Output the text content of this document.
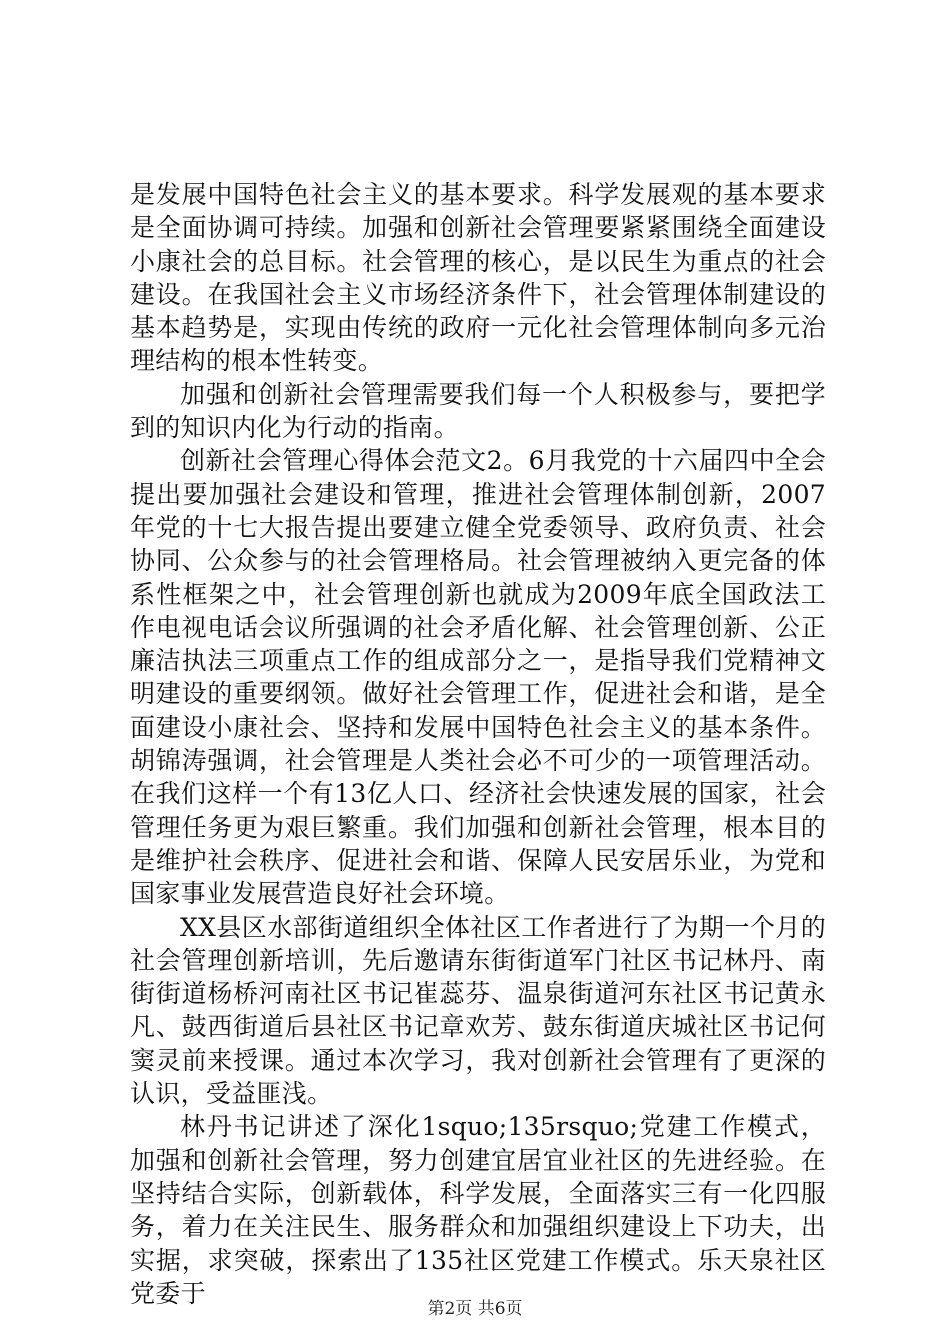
是发展中国特色社会主义的基本要求。科学发展观的基本要求是全面协调可持续。加强和创新社会管理要紧紧围绕全面建设小康社会的总目标。社会管理的核心，是以民生为重点的社会建设。在我国社会主义市场经济条件下，社会管理体制建设的基本趋势是，实现由传统的政府一元化社会管理体制向多元治理结构的根本性转变。

加强和创新社会管理需要我们每一个人积极参与，要把学到的知识内化为行动的指南。

创新社会管理心得体会范文2。6月我党的十六届四中全会提出要加强社会建设和管理，推进社会管理体制创新，2007年党的十七大报告提出要建立健全党委领导、政府负责、社会协同、公众参与的社会管理格局。社会管理被纳入更完备的体系性框架之中，社会管理创新也就成为2009年底全国政法工作电视电话会议所强调的社会矛盾化解、社会管理创新、公正廉洁执法三项重点工作的组成部分之一，是指导我们党精神文明建设的重要纲领。做好社会管理工作，促进社会和谐，是全面建设小康社会、坚持和发展中国特色社会主义的基本条件。胡锦涛强调，社会管理是人类社会必不可少的一项管理活动。在我们这样一个有13亿人口、经济社会快速发展的国家，社会管理任务更为艰巨繁重。我们加强和创新社会管理，根本目的是维护社会秩序、促进社会和谐、保障人民安居乐业，为党和国家事业发展营造良好社会环境。

XX县区水部街道组织全体社区工作者进行了为期一个月的社会管理创新培训，先后邀请东街街道军门社区书记林丹、南街街道杨桥河南社区书记崔蕊芬、温泉街道河东社区书记黄永凡、鼓西街道后县社区书记章欢芳、鼓东街道庆城社区书记何窦灵前来授课。通过本次学习，我对创新社会管理有了更深的认识，受益匪浅。

林丹书记讲述了深化1squo;135rsquo;党建工作模式，加强和创新社会管理，努力创建宜居宜业社区的先进经验。在坚持结合实际，创新载体，科学发展，全面落实三有一化四服务，着力在关注民生、服务群众和加强组织建设上下功夫，出实据，求突破，探索出了135社区党建工作模式。乐天泉社区党委于

第2页 共6页
